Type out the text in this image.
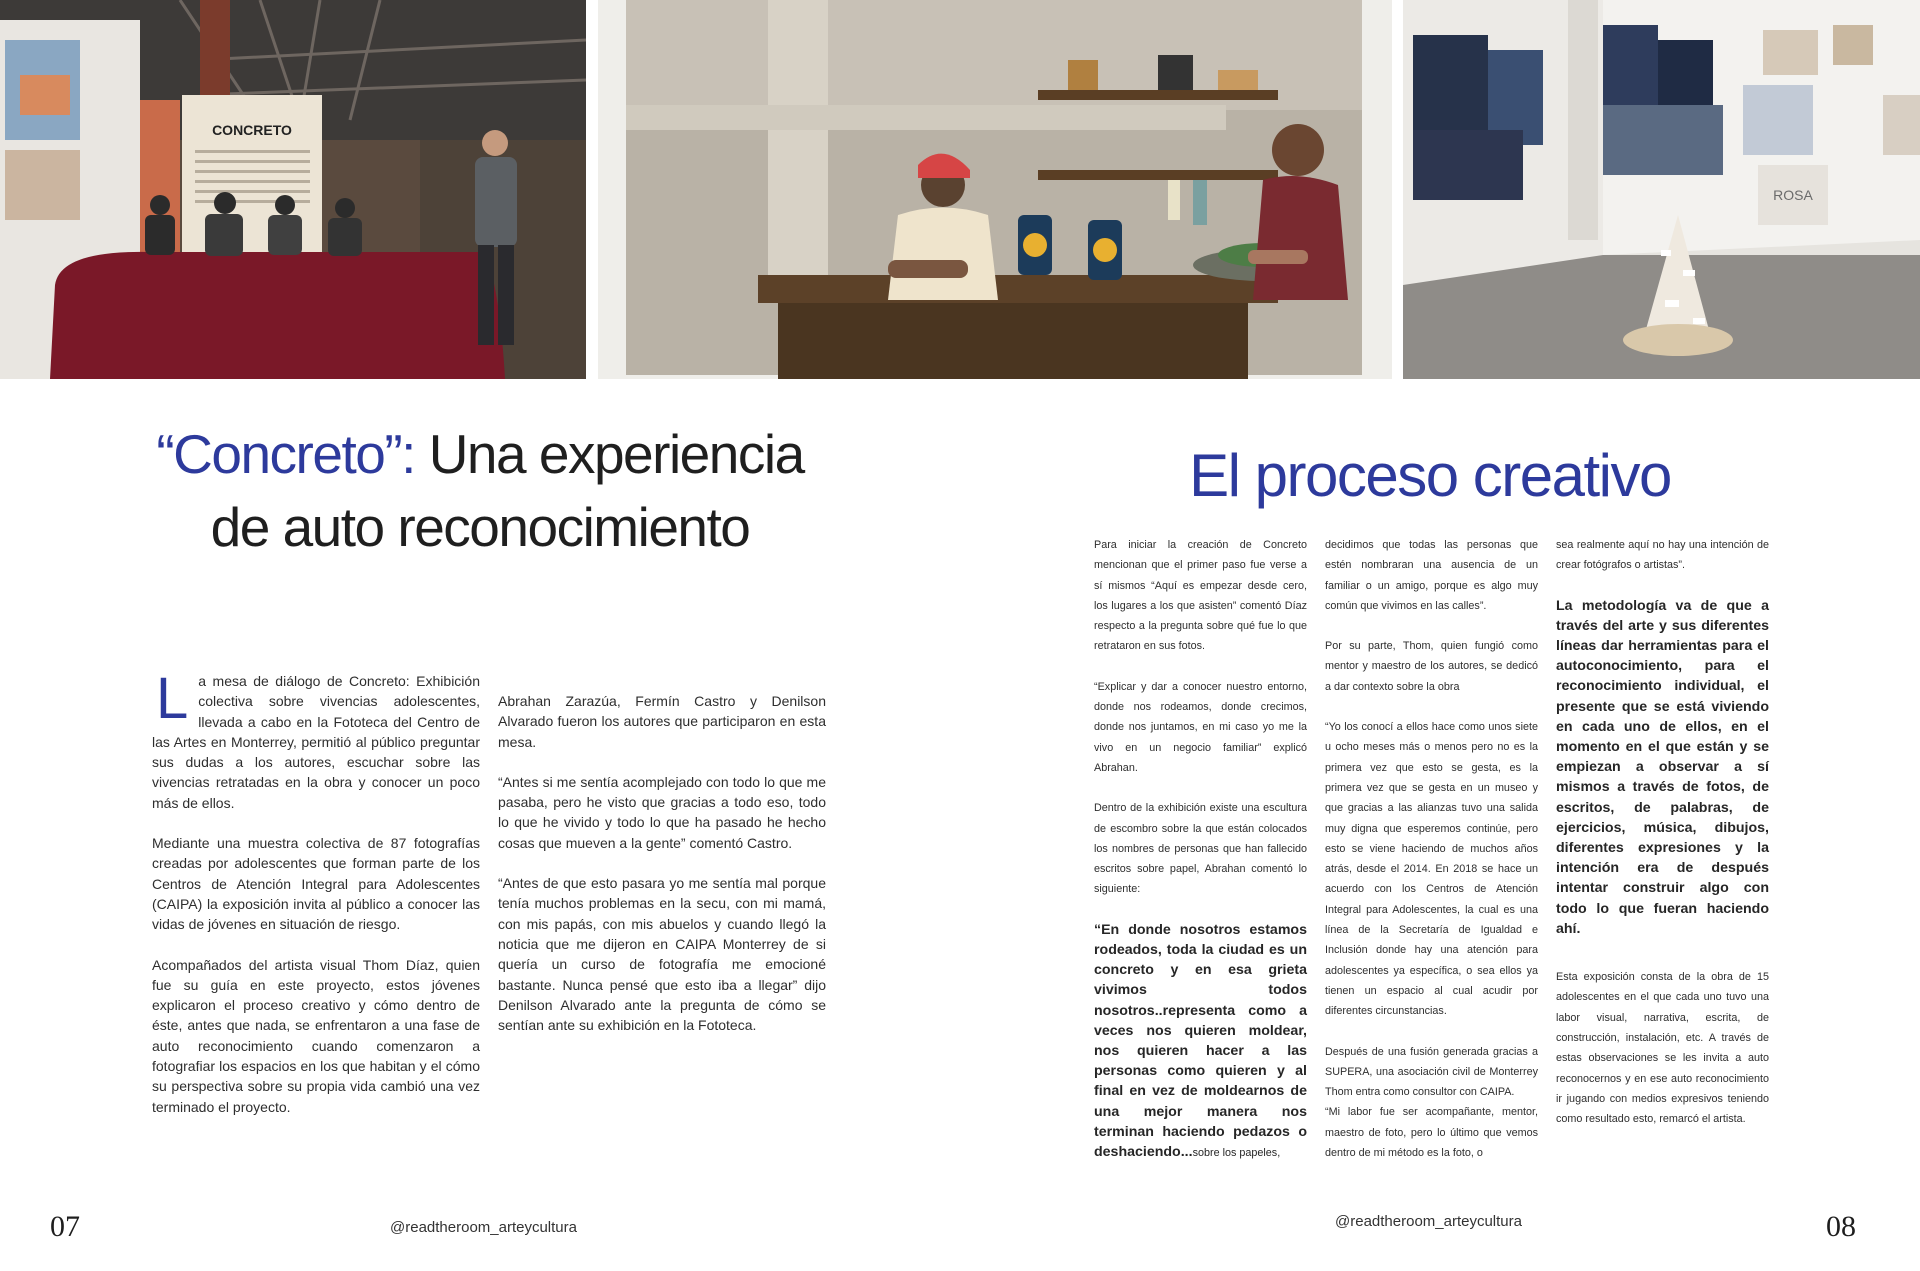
CONCRETO
ROSA
“Concreto”: Una experiencia de auto reconocimiento

La mesa de diálogo de Concreto: Exhibición colectiva sobre vivencias adolescentes, llevada a cabo en la Fototeca del Centro de las Artes en Monterrey, permitió al público preguntar sus dudas a los autores, escuchar sobre las vivencias retratadas en la obra y conocer un poco más de ellos.

Mediante una muestra colectiva de 87 fotografías creadas por adolescentes que forman parte de los Centros de Atención Integral para Adolescentes (CAIPA) la exposición invita al público a conocer las vidas de jóvenes en situación de riesgo.

Acompañados del artista visual Thom Díaz, quien fue su guía en este proyecto, estos jóvenes explicaron el proceso creativo y cómo dentro de éste, antes que nada, se enfrentaron a una fase de auto reconocimiento cuando comenzaron a fotografiar los espacios en los que habitan y el cómo su perspectiva sobre su propia vida cambió una vez terminado el proyecto.

Abrahan Zarazúa, Fermín Castro y Denilson Alvarado fueron los autores que participaron en esta mesa.

“Antes si me sentía acomplejado con todo lo que me pasaba, pero he visto que gracias a todo eso, todo lo que he vivido y todo lo que ha pasado he hecho cosas que mueven a la gente” comentó Castro.

“Antes de que esto pasara yo me sentía mal porque tenía muchos problemas en la secu, con mi mamá, con mis papás, con mis abuelos y cuando llegó la noticia que me dijeron en CAIPA Monterrey de si quería un curso de fotografía me emocioné bastante. Nunca pensé que esto iba a llegar” dijo Denilson Alvarado ante la pregunta de cómo se sentían ante su exhibición en la Fototeca.

07	@readtheroom_arteycultura
El proceso creativo

Para iniciar la creación de Concreto mencionan que el primer paso fue verse a sí mismos “Aquí es empezar desde cero, los lugares a los que asisten” comentó Díaz respecto a la pregunta sobre qué fue lo que retrataron en sus fotos.

“Explicar y dar a conocer nuestro entorno, donde nos rodeamos, donde crecimos, donde nos juntamos, en mi caso yo me la vivo en un negocio familiar” explicó Abrahan.

Dentro de la exhibición existe una escultura de escombro sobre la que están colocados los nombres de personas que han fallecido escritos sobre papel, Abrahan comentó lo siguiente:

“En donde nosotros estamos rodeados, toda la ciudad es un concreto y en esa grieta vivimos todos nosotros..representa como a veces nos quieren moldear, nos quieren hacer a las personas como quieren y al final en vez de moldearnos de una mejor manera nos terminan haciendo pedazos o deshaciendo...sobre los papeles,

decidimos que todas las personas que estén nombraran una ausencia de un familiar o un amigo, porque es algo muy común que vivimos en las calles”.

Por su parte, Thom, quien fungió como mentor y maestro de los autores, se dedicó a dar contexto sobre la obra

“Yo los conocí a ellos hace como unos siete u ocho meses más o menos pero no es la primera vez que esto se gesta, es la primera vez que se gesta en un museo y que gracias a las alianzas tuvo una salida muy digna que esperemos continúe, pero esto se viene haciendo de muchos años atrás, desde el 2014. En 2018 se hace un acuerdo con los Centros de Atención Integral para Adolescentes, la cual es una línea de la Secretaría de Igualdad e Inclusión donde hay una atención para adolescentes ya específica, o sea ellos ya tienen un espacio al cual acudir por diferentes circunstancias.

Después de una fusión generada gracias a SUPERA, una asociación civil de Monterrey Thom entra como consultor con CAIPA.

“Mi labor fue ser acompañante, mentor, maestro de foto, pero lo último que vemos dentro de mi método es la foto, o

sea realmente aquí no hay una intención de crear fotógrafos o artistas”.

La metodología va de que a través del arte y sus diferentes líneas dar herramientas para el autoconocimiento, para el reconocimiento individual, el presente que se está viviendo en cada uno de ellos, en el momento en el que están y se empiezan a observar a sí mismos a través de fotos, de escritos, de palabras, de ejercicios, música, dibujos, diferentes expresiones y la intención era de después intentar construir algo con todo lo que fueran haciendo ahí.

Esta exposición consta de la obra de 15 adolescentes en el que cada uno tuvo una labor visual, narrativa, escrita, de construcción, instalación, etc. A través de estas observaciones se les invita a auto reconocernos y en ese auto reconocimiento ir jugando con medios expresivos teniendo como resultado esto, remarcó el artista.

08
@readtheroom_arteycultura
